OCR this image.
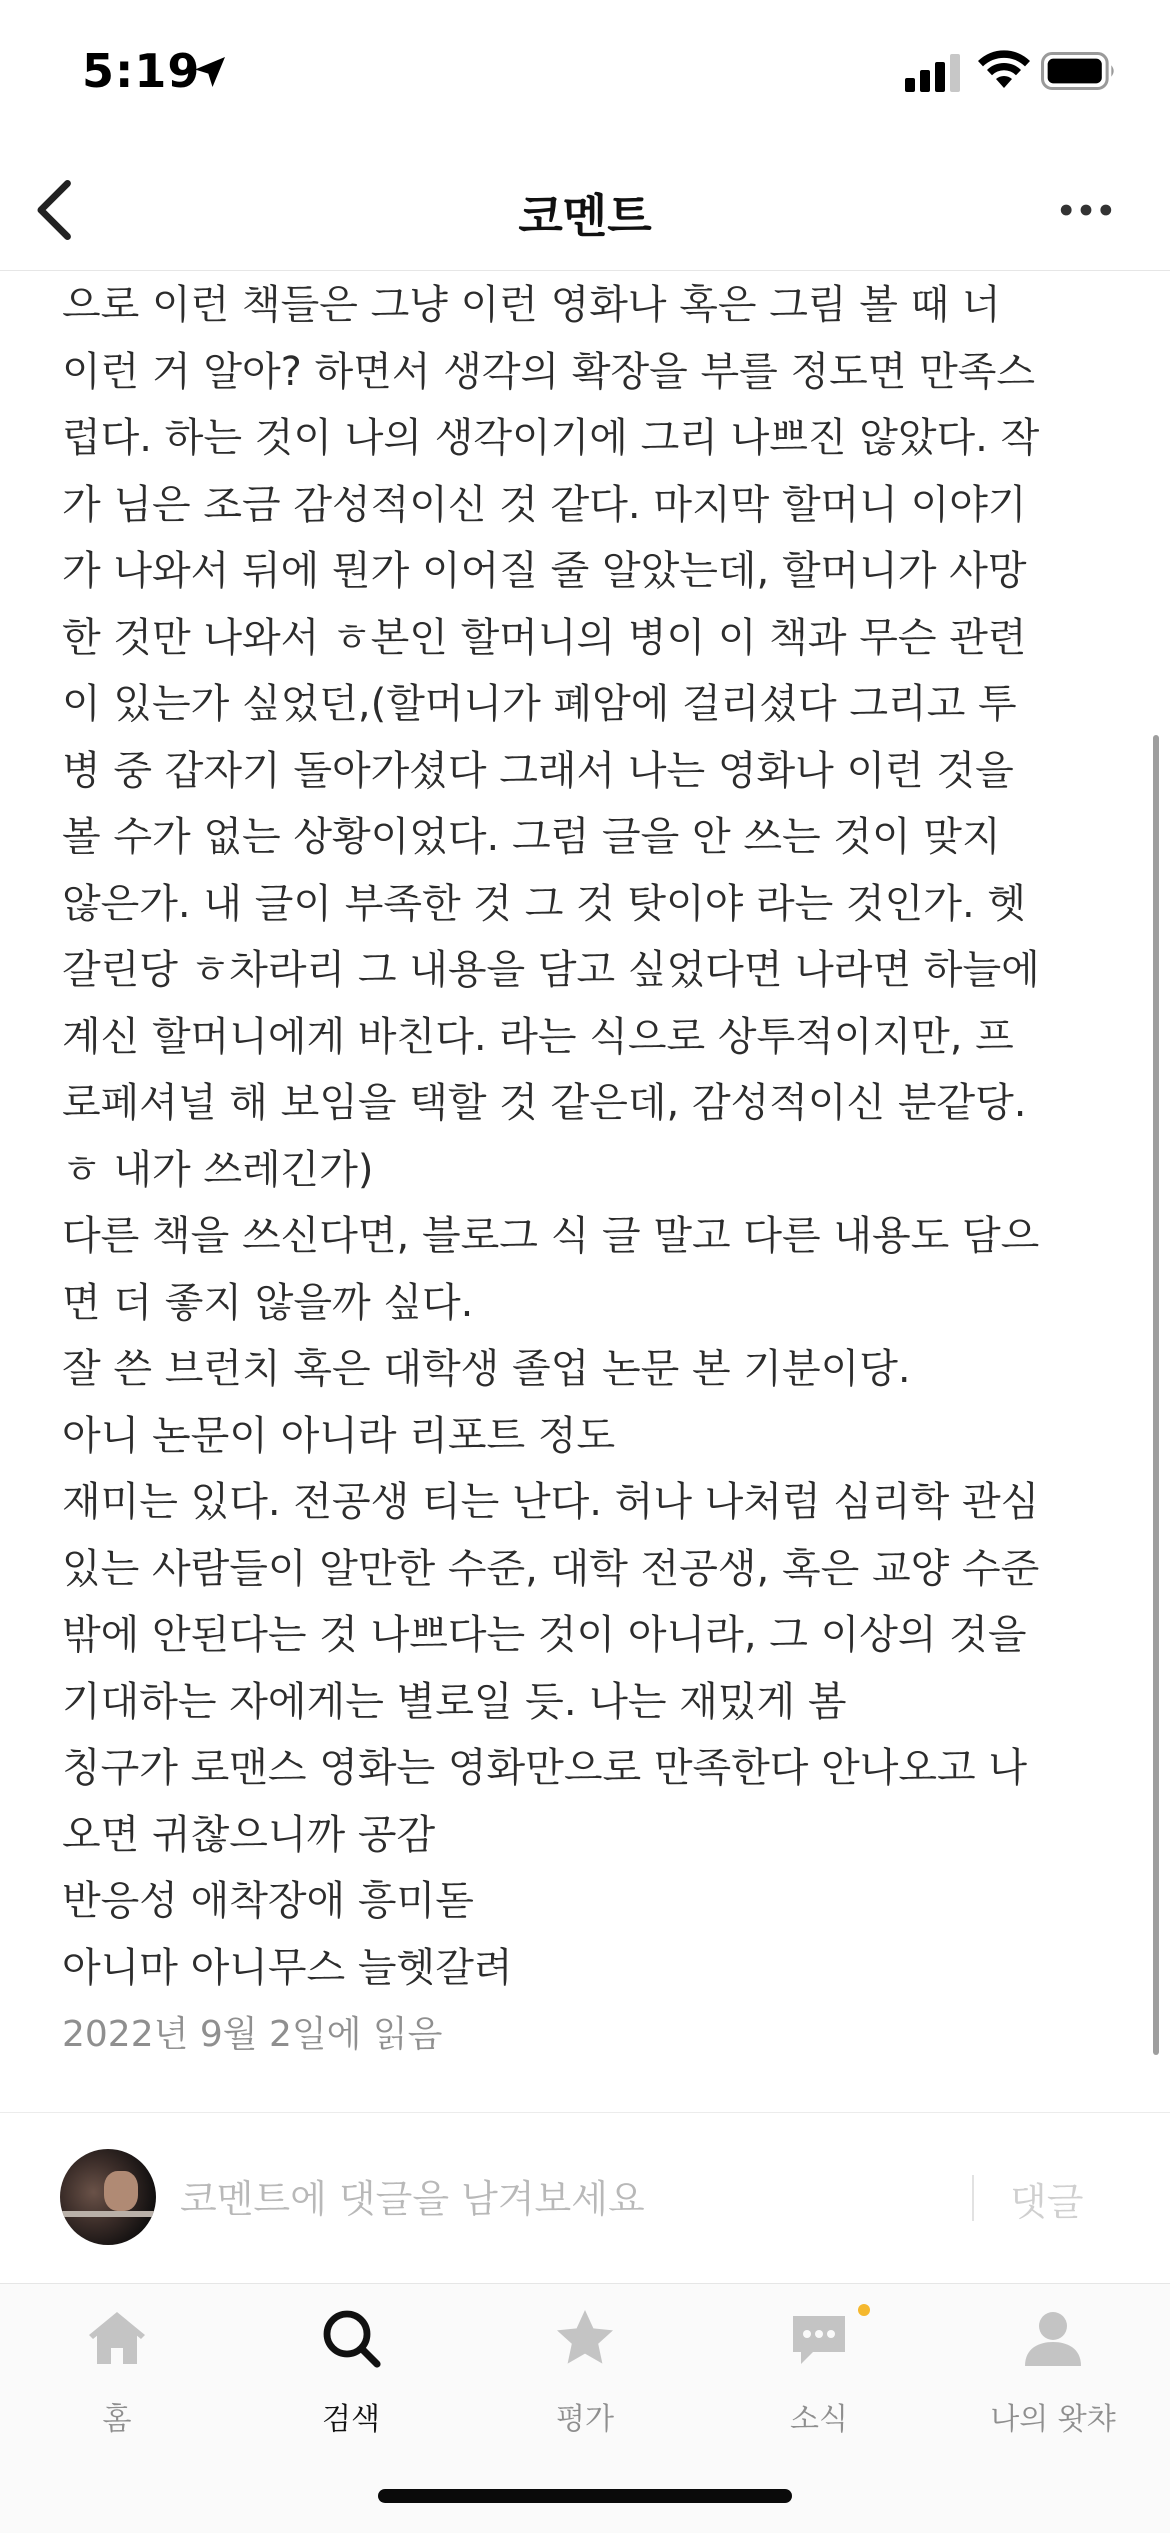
5:19
코멘트
으로 이런 책들은 그냥 이런 영화나 혹은 그림 볼 때 너
이런 거 알아? 하면서 생각의 확장을 부를 정도면 만족스
럽다. 하는 것이 나의 생각이기에 그리 나쁘진 않았다. 작
가 님은 조금 감성적이신 것 같다. 마지막 할머니 이야기
가 나와서 뒤에 뭔가 이어질 줄 알았는데, 할머니가 사망
한 것만 나와서 ㅎ본인 할머니의 병이 이 책과 무슨 관련
이 있는가 싶었던,(할머니가 폐암에 걸리셨다 그리고 투
병 중 갑자기 돌아가셨다 그래서 나는 영화나 이런 것을
볼 수가 없는 상황이었다. 그럼 글을 안 쓰는 것이 맞지
않은가. 내 글이 부족한 것 그 것 탓이야 라는 것인가. 헷
갈린당 ㅎ차라리 그 내용을 담고 싶었다면 나라면 하늘에
계신 할머니에게 바친다. 라는 식으로 상투적이지만, 프
로페셔널 해 보임을 택할 것 같은데, 감성적이신 분같당.
ㅎ 내가 쓰레긴가)
다른 책을 쓰신다면, 블로그 식 글 말고 다른 내용도 담으
면 더 좋지 않을까 싶다.
잘 쓴 브런치 혹은 대학생 졸업 논문 본 기분이당.
아니 논문이 아니라 리포트 정도
재미는 있다. 전공생 티는 난다. 허나 나처럼 심리학 관심
있는 사람들이 알만한 수준, 대학 전공생, 혹은 교양 수준
밖에 안된다는 것 나쁘다는 것이 아니라, 그 이상의 것을
기대하는 자에게는 별로일 듯. 나는 재밌게 봄
칭구가 로맨스 영화는 영화만으로 만족한다 안나오고 나
오면 귀찮으니까 공감
반응성 애착장애 흥미돋
아니마 아니무스 늘헷갈려
2022년 9월 2일에 읽음
코멘트에 댓글을 남겨보세요
댓글
홈	검색	평가	소식	나의 왓챠
